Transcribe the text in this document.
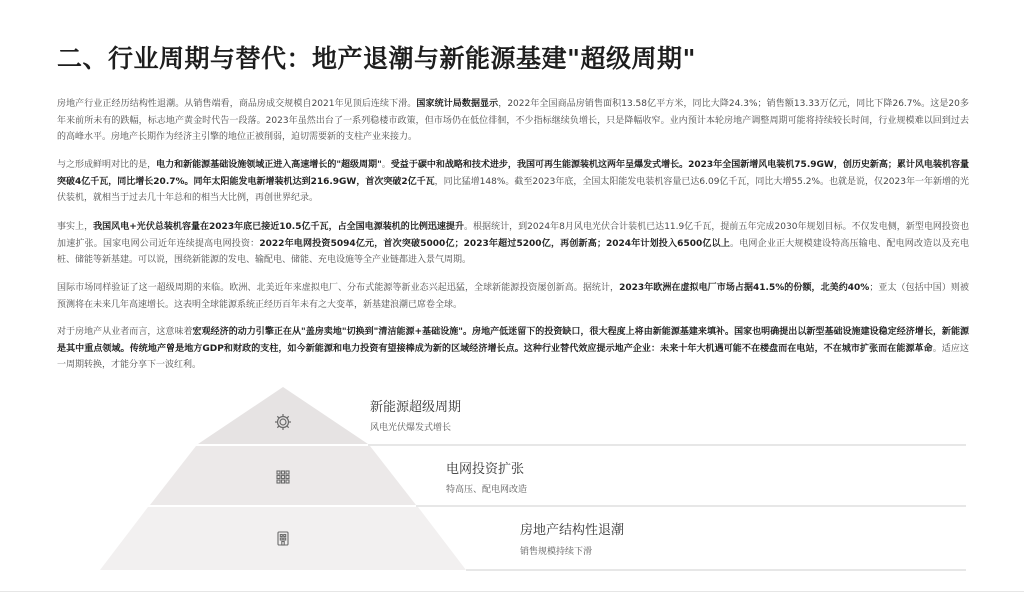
二、行业周期与替代：地产退潮与新能源基建"超级周期"
房地产行业正经历结构性退潮。从销售端看，商品房成交规模自2021年见顶后连续下滑。国家统计局数据显示，2022年全国商品房销售面积13.58亿平方米，同比大降24.3%；销售额13.33万亿元，同比下降26.7%。这是20多年来前所未有的跌幅，标志地产黄金时代告一段落。2023年虽然出台了一系列稳楼市政策，但市场仍在低位徘徊，不少指标继续负增长，只是降幅收窄。业内预计本轮房地产调整周期可能将持续较长时间，行业规模难以回到过去的高峰水平。房地产长期作为经济主引擎的地位正被削弱，迫切需要新的支柱产业来接力。
与之形成鲜明对比的是，电力和新能源基础设施领域正进入高速增长的"超级周期"。受益于碳中和战略和技术进步，我国可再生能源装机这两年呈爆发式增长。2023年全国新增风电装机75.9GW，创历史新高；累计风电装机容量突破4亿千瓦，同比增长20.7%。同年太阳能发电新增装机达到216.9GW，首次突破2亿千瓦，同比猛增148%。截至2023年底，全国太阳能发电装机容量已达6.09亿千瓦，同比大增55.2%。也就是说，仅2023年一年新增的光伏装机，就相当于过去几十年总和的相当大比例，再创世界纪录。
事实上，我国风电+光伏总装机容量在2023年底已接近10.5亿千瓦，占全国电源装机的比例迅速提升。根据统计，到2024年8月风电光伏合计装机已达11.9亿千瓦，提前五年完成2030年规划目标。不仅发电侧，新型电网投资也加速扩张。国家电网公司近年连续提高电网投资：2022年电网投资5094亿元，首次突破5000亿；2023年超过5200亿，再创新高；2024年计划投入6500亿以上。电网企业正大规模建设特高压输电、配电网改造以及充电桩、储能等新基建。可以说，围绕新能源的发电、输配电、储能、充电设施等全产业链都进入景气周期。
国际市场同样验证了这一超级周期的来临。欧洲、北美近年来虚拟电厂、分布式能源等新业态兴起迅猛，全球新能源投资屡创新高。据统计，2023年欧洲在虚拟电厂市场占据41.5%的份额，北美约40%；亚太（包括中国）则被预测将在未来几年高速增长。这表明全球能源系统正经历百年未有之大变革，新基建浪潮已席卷全球。
对于房地产从业者而言，这意味着宏观经济的动力引擎正在从"盖房卖地"切换到"清洁能源+基础设施"。房地产低迷留下的投资缺口，很大程度上将由新能源基建来填补。国家也明确提出以新型基础设施建设稳定经济增长，新能源是其中重点领域。传统地产曾是地方GDP和财政的支柱，如今新能源和电力投资有望接棒成为新的区域经济增长点。这种行业替代效应提示地产企业：未来十年大机遇可能不在楼盘而在电站，不在城市扩张而在能源革命。适应这一周期转换，才能分享下一波红利。
新能源超级周期
风电光伏爆发式增长
电网投资扩张
特高压、配电网改造
房地产结构性退潮
销售规模持续下滑
